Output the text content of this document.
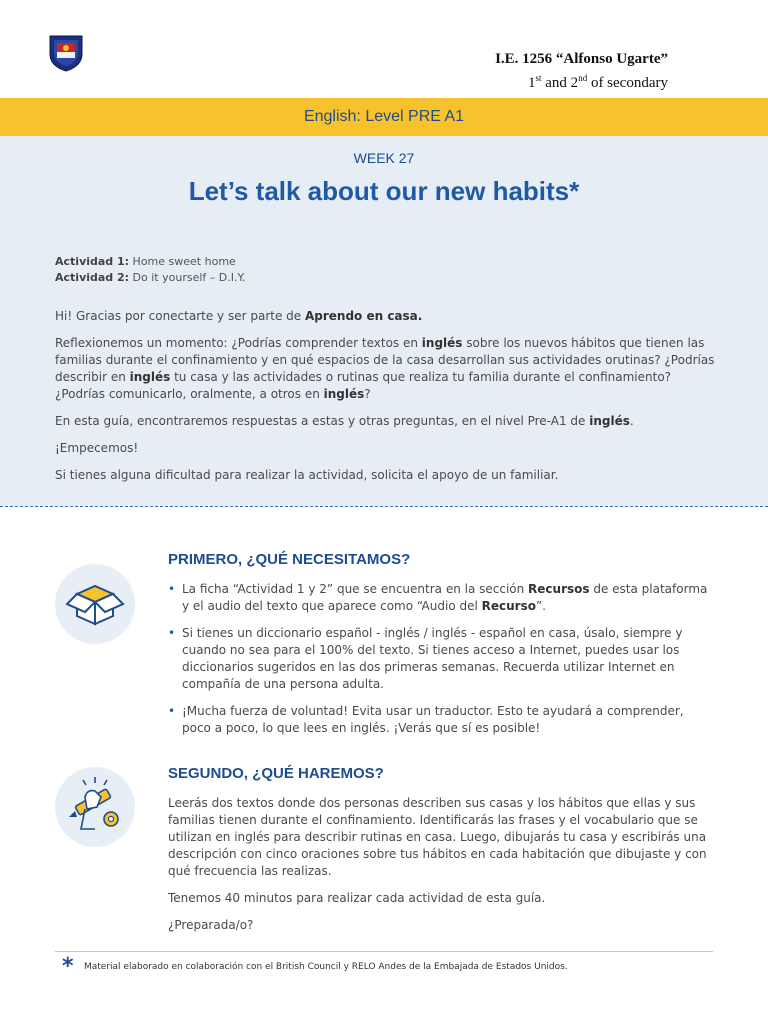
I.E. 1256 “Alfonso Ugarte”
1st and 2nd of secondary
English: Level PRE A1
WEEK 27
Let’s talk about our new habits*
Actividad 1: Home sweet home
Actividad 2: Do it yourself – D.I.Y.

Hi! Gracias por conectarte y ser parte de Aprendo en casa.

Reflexionemos un momento: ¿Podrías comprender textos en inglés sobre los nuevos hábitos que tienen las familias durante el confinamiento y en qué espacios de la casa desarrollan sus actividades orutinas? ¿Podrías describir en inglés tu casa y las actividades o rutinas que realiza tu familia durante el confinamiento? ¿Podrías comunicarlo, oralmente, a otros en inglés?

En esta guía, encontraremos respuestas a estas y otras preguntas, en el nivel Pre-A1 de inglés.

¡Empecemos!

Si tienes alguna dificultad para realizar la actividad, solicita el apoyo de un familiar.

PRIMERO, ¿QUÉ NECESITAMOS?
• La ficha “Actividad 1 y 2” que se encuentra en la sección Recursos de esta plataforma y el audio del texto que aparece como “Audio del Recurso”.
• Si tienes un diccionario español - inglés / inglés - español en casa, úsalo, siempre y cuando no sea para el 100% del texto. Si tienes acceso a Internet, puedes usar los diccionarios sugeridos en las dos primeras semanas. Recuerda utilizar Internet en compañía de una persona adulta.
• ¡Mucha fuerza de voluntad! Evita usar un traductor. Esto te ayudará a comprender, poco a poco, lo que lees en inglés. ¡Verás que sí es posible!
SEGUNDO, ¿QUÉ HAREMOS?

Leerás dos textos donde dos personas describen sus casas y los hábitos que ellas y sus familias tienen durante el confinamiento. Identificarás las frases y el vocabulario que se utilizan en inglés para describir rutinas en casa. Luego, dibujarás tu casa y escribirás una descripción con cinco oraciones sobre tus hábitos en cada habitación que dibujaste y con qué frecuencia las realizas.

Tenemos 40 minutos para realizar cada actividad de esta guía.

¿Preparada/o?

* Material elaborado en colaboración con el British Council y RELO Andes de la Embajada de Estados Unidos.
